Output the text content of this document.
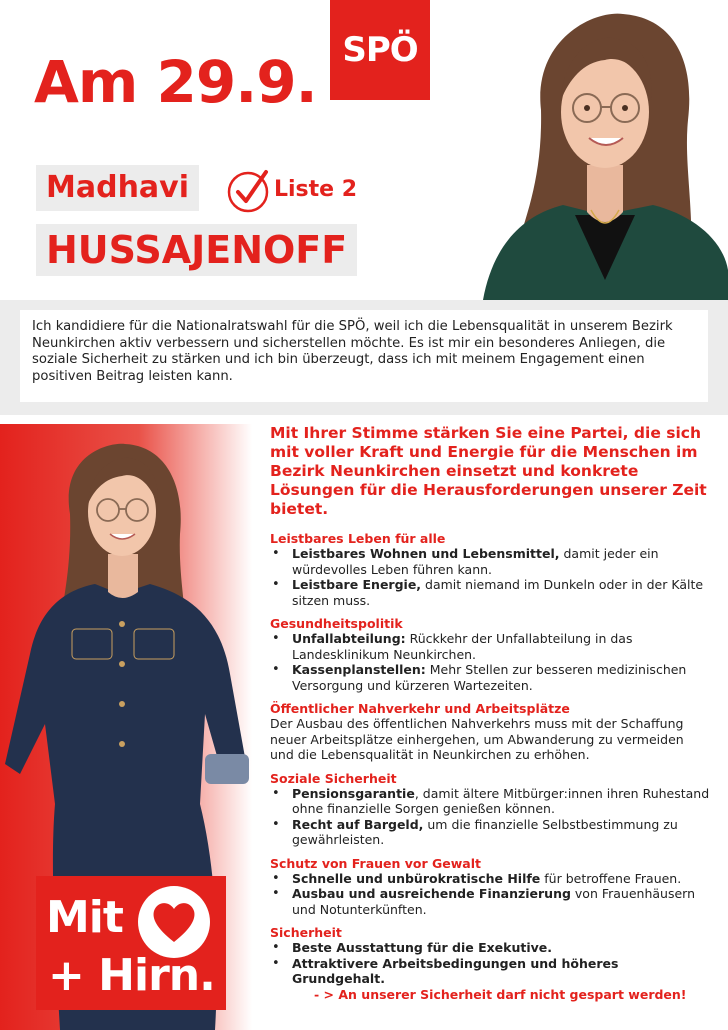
Am 29.9. SPÖ
Madhavi	Liste 2
HUSSAJENOFF
Ich kandidiere für die Nationalratswahl für die SPÖ, weil ich die Lebensqualität in unserem Bezirk Neunkirchen aktiv verbessern und sicherstellen möchte. Es ist mir ein besonderes Anliegen, die soziale Sicherheit zu stärken und ich bin überzeugt, dass ich mit meinem Engagement einen positiven Beitrag leisten kann.
Mit
+ Hirn.
Mit Ihrer Stimme stärken Sie eine Partei, die sich mit voller Kraft und Energie für die Menschen im Bezirk Neunkirchen einsetzt und konkrete Lösungen für die Herausforderungen unserer Zeit bietet.
Leistbares Leben für alle
• Leistbares Wohnen und Lebensmittel, damit jeder ein würdevolles Leben führen kann.
• Leistbare Energie, damit niemand im Dunkeln oder in der Kälte sitzen muss.
Gesundheitspolitik
• Unfallabteilung: Rückkehr der Unfallabteilung in das Landesklinikum Neunkirchen.
• Kassenplanstellen: Mehr Stellen zur besseren medizinischen Versorgung und kürzeren Wartezeiten.
Öffentlicher Nahverkehr und Arbeitsplätze
Der Ausbau des öffentlichen Nahverkehrs muss mit der Schaffung neuer Arbeitsplätze einhergehen, um Abwanderung zu vermeiden und die Lebensqualität in Neunkirchen zu erhöhen.
Soziale Sicherheit
• Pensionsgarantie, damit ältere Mitbürger:innen ihren Ruhestand ohne finanzielle Sorgen genießen können.
• Recht auf Bargeld, um die finanzielle Selbstbestimmung zu gewährleisten.
Schutz von Frauen vor Gewalt
• Schnelle und unbürokratische Hilfe für betroffene Frauen.
• Ausbau und ausreichende Finanzierung von Frauenhäusern und Notunterkünften.
Sicherheit
• Beste Ausstattung für die Exekutive.
• Attraktivere Arbeitsbedingungen und höheres Grundgehalt.
- > An unserer Sicherheit darf nicht gespart werden!
